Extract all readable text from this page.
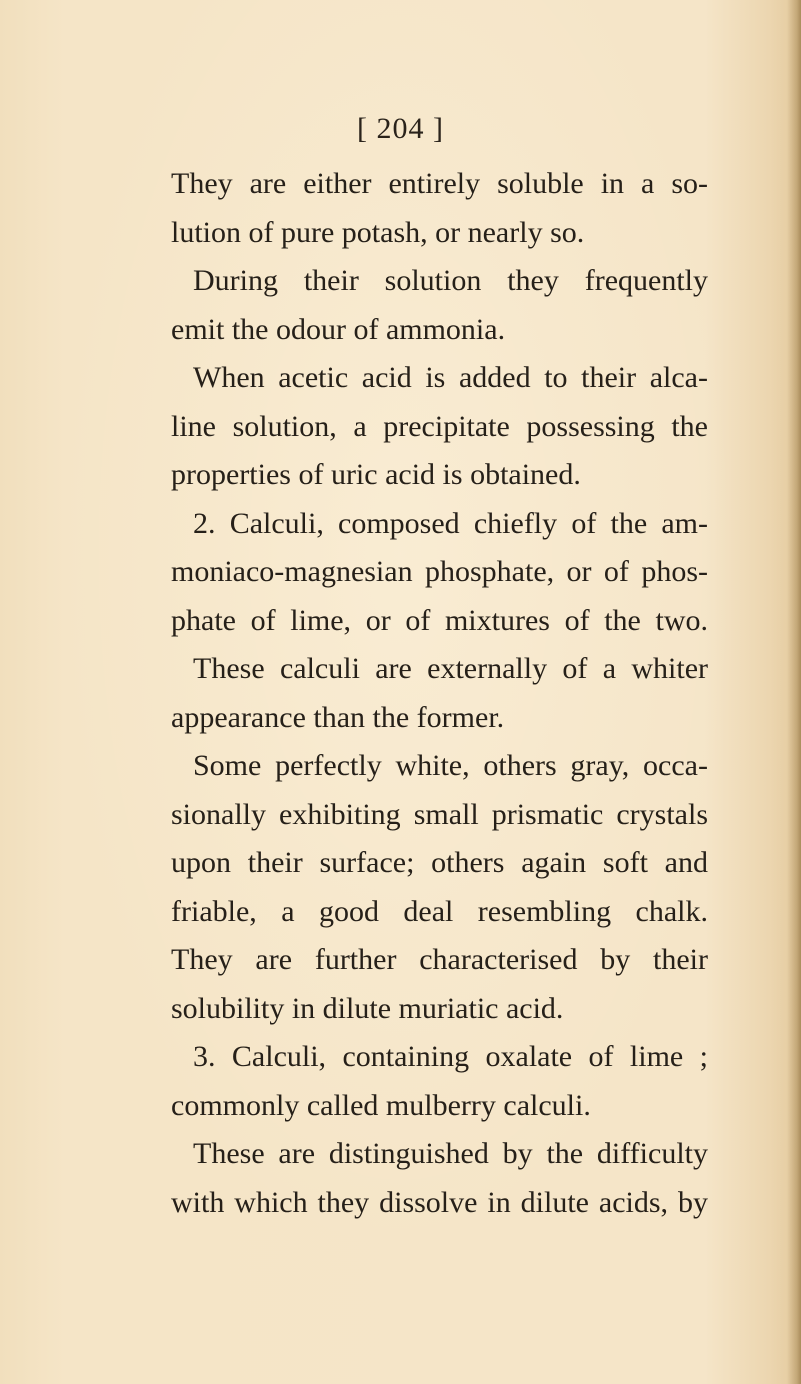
[ 204 ]
They are either entirely soluble in a so-
lution of pure potash, or nearly so.
During their solution they frequently
emit the odour of ammonia.
When acetic acid is added to their alca-
line solution, a precipitate possessing the
properties of uric acid is obtained.
2. Calculi, composed chiefly of the am-
moniaco-magnesian phosphate, or of phos-
phate of lime, or of mixtures of the two.
These calculi are externally of a whiter
appearance than the former.
Some perfectly white, others gray, occa-
sionally exhibiting small prismatic crystals
upon their surface; others again soft and
friable, a good deal resembling chalk.
They are further characterised by their
solubility in dilute muriatic acid.
3. Calculi, containing oxalate of lime ;
commonly called mulberry calculi.
These are distinguished by the difficulty
with which they dissolve in dilute acids, by
